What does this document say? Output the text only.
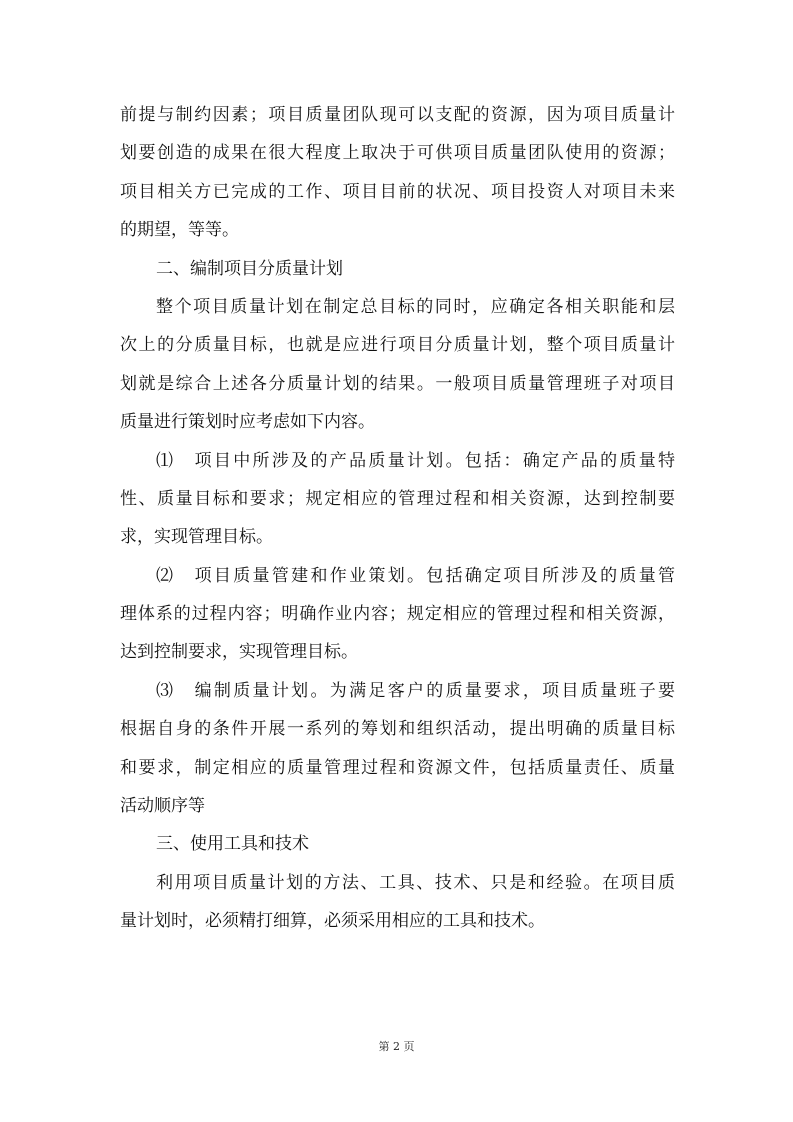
前提与制约因素；项目质量团队现可以支配的资源，因为项目质量计
划要创造的成果在很大程度上取决于可供项目质量团队使用的资源；
项目相关方已完成的工作、项目目前的状况、项目投资人对项目未来
的期望，等等。
二、编制项目分质量计划
整个项目质量计划在制定总目标的同时，应确定各相关职能和层
次上的分质量目标，也就是应进行项目分质量计划，整个项目质量计
划就是综合上述各分质量计划的结果。一般项目质量管理班子对项目
质量进行策划时应考虑如下内容。
⑴　项目中所涉及的产品质量计划。包括：确定产品的质量特
性、质量目标和要求；规定相应的管理过程和相关资源，达到控制要
求，实现管理目标。
⑵　项目质量管建和作业策划。包括确定项目所涉及的质量管
理体系的过程内容；明确作业内容；规定相应的管理过程和相关资源，
达到控制要求，实现管理目标。
⑶　编制质量计划。为满足客户的质量要求，项目质量班子要
根据自身的条件开展一系列的筹划和组织活动，提出明确的质量目标
和要求，制定相应的质量管理过程和资源文件，包括质量责任、质量
活动顺序等
三、使用工具和技术
利用项目质量计划的方法、工具、技术、只是和经验。在项目质
量计划时，必须精打细算，必须采用相应的工具和技术。
第 2 页
